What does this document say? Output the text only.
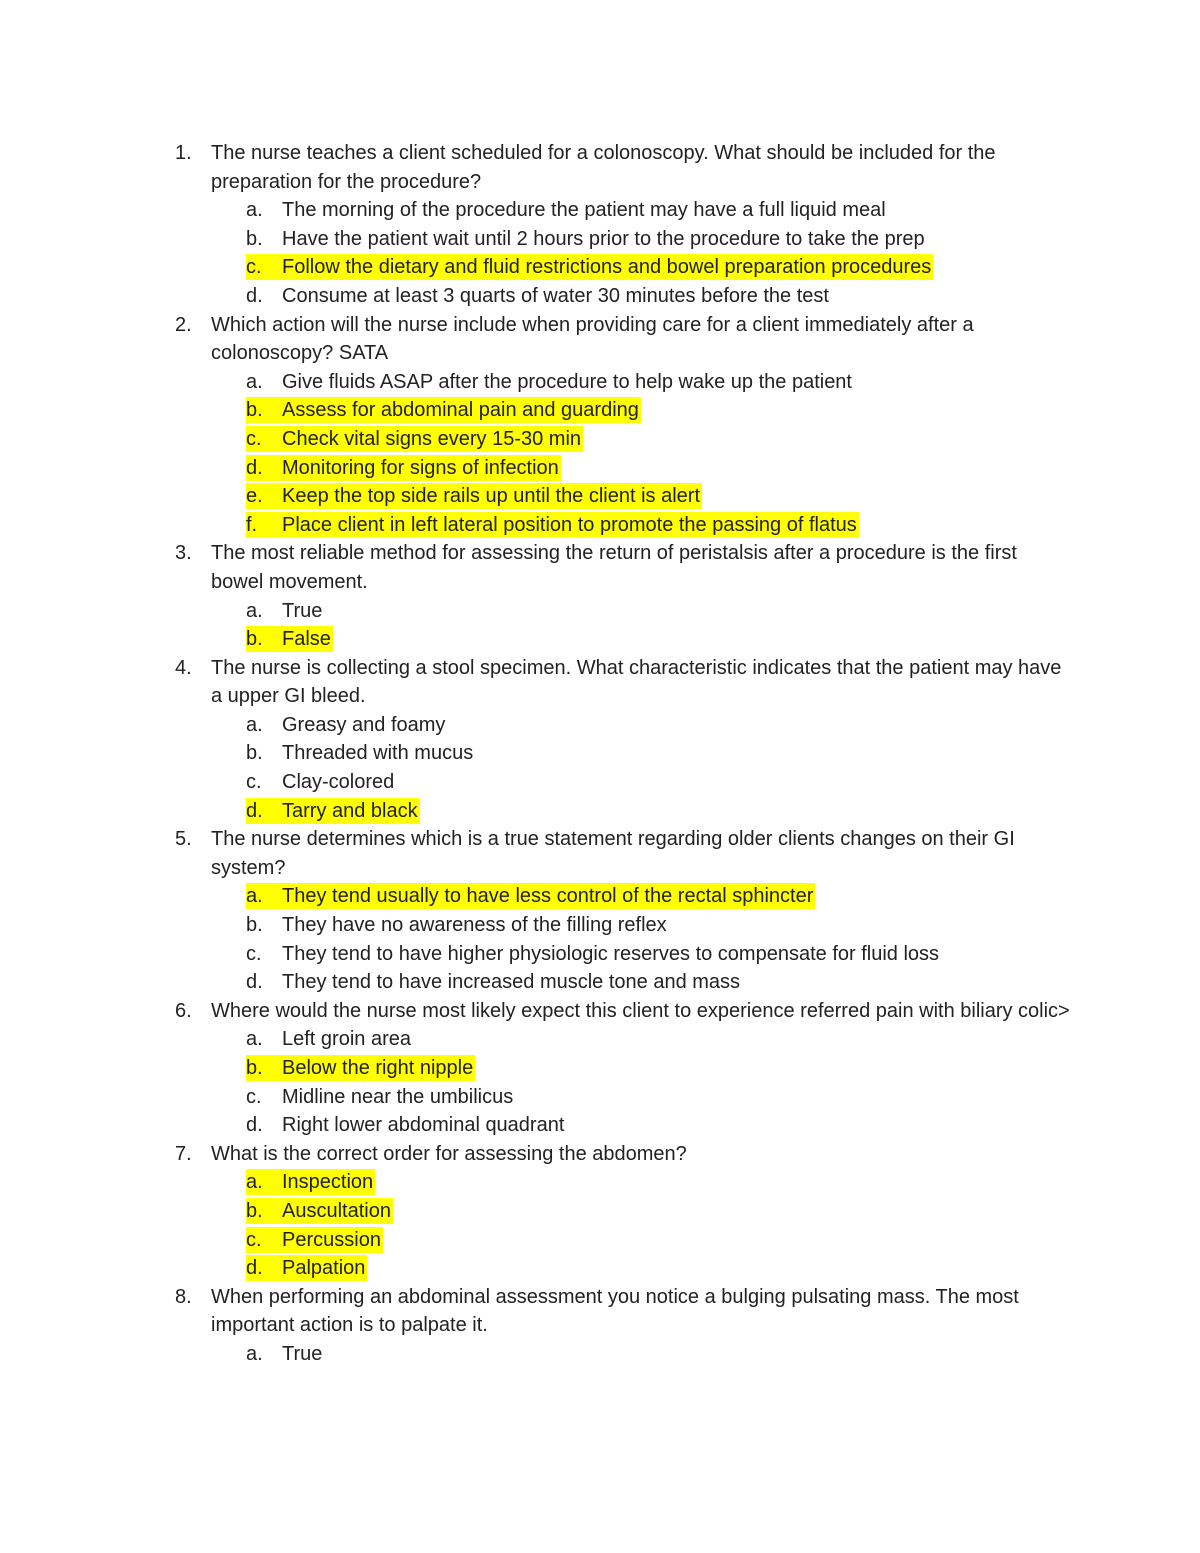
1. The nurse teaches a client scheduled for a colonoscopy. What should be included for the preparation for the procedure?
a. The morning of the procedure the patient may have a full liquid meal
b. Have the patient wait until 2 hours prior to the procedure to take the prep
c. Follow the dietary and fluid restrictions and bowel preparation procedures
d. Consume at least 3 quarts of water 30 minutes before the test
2. Which action will the nurse include when providing care for a client immediately after a colonoscopy? SATA
a. Give fluids ASAP after the procedure to help wake up the patient
b. Assess for abdominal pain and guarding
c. Check vital signs every 15-30 min
d. Monitoring for signs of infection
e. Keep the top side rails up until the client is alert
f. Place client in left lateral position to promote the passing of flatus
3. The most reliable method for assessing the return of peristalsis after a procedure is the first bowel movement.
a. True
b. False
4. The nurse is collecting a stool specimen. What characteristic indicates that the patient may have a upper GI bleed.
a. Greasy and foamy
b. Threaded with mucus
c. Clay-colored
d. Tarry and black
5. The nurse determines which is a true statement regarding older clients changes on their GI system?
a. They tend usually to have less control of the rectal sphincter
b. They have no awareness of the filling reflex
c. They tend to have higher physiologic reserves to compensate for fluid loss
d. They tend to have increased muscle tone and mass
6. Where would the nurse most likely expect this client to experience referred pain with biliary colic>
a. Left groin area
b. Below the right nipple
c. Midline near the umbilicus
d. Right lower abdominal quadrant
7. What is the correct order for assessing the abdomen?
a. Inspection
b. Auscultation
c. Percussion
d. Palpation
8. When performing an abdominal assessment you notice a bulging pulsating mass. The most important action is to palpate it.
a. True
